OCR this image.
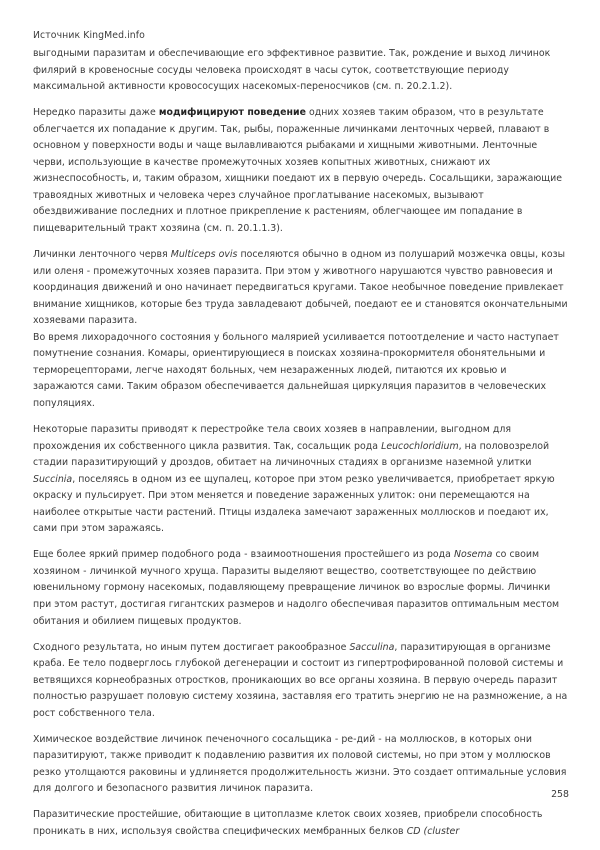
Источник KingMed.info

выгодными паразитам и обеспечивающие его эффективное развитие. Так, рождение и выход личинок филярий в кровеносные сосуды человека происходят в часы суток, соответствующие периоду максимальной активности кровососущих насекомых-переносчиков (см. п. 20.2.1.2).

Нередко паразиты даже модифицируют поведение одних хозяев таким образом, что в результате облегчается их попадание к другим. Так, рыбы, пораженные личинками ленточных червей, плавают в основном у поверхности воды и чаще вылавливаются рыбаками и хищными животными. Ленточные черви, использующие в качестве промежуточных хозяев копытных животных, снижают их жизнеспособность, и, таким образом, хищники поедают их в первую очередь. Сосальщики, заражающие травоядных животных и человека через случайное проглатывание насекомых, вызывают обездвиживание последних и плотное прикрепление к растениям, облегчающее им попадание в пищеварительный тракт хозяина (см. п. 20.1.1.3).

Личинки ленточного червя Multiceps ovis поселяются обычно в одном из полушарий мозжечка овцы, козы или оленя - промежуточных хозяев паразита. При этом у животного нарушаются чувство равновесия и координация движений и оно начинает передвигаться кругами. Такое необычное поведение привлекает внимание хищников, которые без труда завладевают добычей, поедают ее и становятся окончательными хозяевами паразита.

Во время лихорадочного состояния у больного малярией усиливается потоотделение и часто наступает помутнение сознания. Комары, ориентирующиеся в поисках хозяина-прокормителя обонятельными и терморецепторами, легче находят больных, чем незараженных людей, питаются их кровью и заражаются сами. Таким образом обеспечивается дальнейшая циркуляция паразитов в человеческих популяциях.

Некоторые паразиты приводят к перестройке тела своих хозяев в направлении, выгодном для прохождения их собственного цикла развития. Так, сосальщик рода Leucochloridium, на половозрелой стадии паразитирующий у дроздов, обитает на личиночных стадиях в организме наземной улитки Succinia, поселяясь в одном из ее щупалец, которое при этом резко увеличивается, приобретает яркую окраску и пульсирует. При этом меняется и поведение зараженных улиток: они перемещаются на наиболее открытые части растений. Птицы издалека замечают зараженных моллюсков и поедают их, сами при этом заражаясь.

Еще более яркий пример подобного рода - взаимоотношения простейшего из рода Nosema со своим хозяином - личинкой мучного хруща. Паразиты выделяют вещество, соответствующее по действию ювенильному гормону насекомых, подавляющему превращение личинок во взрослые формы. Личинки при этом растут, достигая гигантских размеров и надолго обеспечивая паразитов оптимальным местом обитания и обилием пищевых продуктов.

Сходного результата, но иным путем достигает ракообразное Sacculina, паразитирующая в организме краба. Ее тело подверглось глубокой дегенерации и состоит из гипертрофированной половой системы и ветвящихся корнеобразных отростков, проникающих во все органы хозяина. В первую очередь паразит полностью разрушает половую систему хозяина, заставляя его тратить энергию не на размножение, а на рост собственного тела.

Химическое воздействие личинок печеночного сосальщика - ре-дий - на моллюсков, в которых они паразитируют, также приводит к подавлению развития их половой системы, но при этом у моллюсков резко утолщаются раковины и удлиняется продолжительность жизни. Это создает оптимальные условия для долгого и безопасного развития личинок паразита.

Паразитические простейшие, обитающие в цитоплазме клеток своих хозяев, приобрели способность проникать в них, используя свойства специфических мембранных белков CD (cluster

258
